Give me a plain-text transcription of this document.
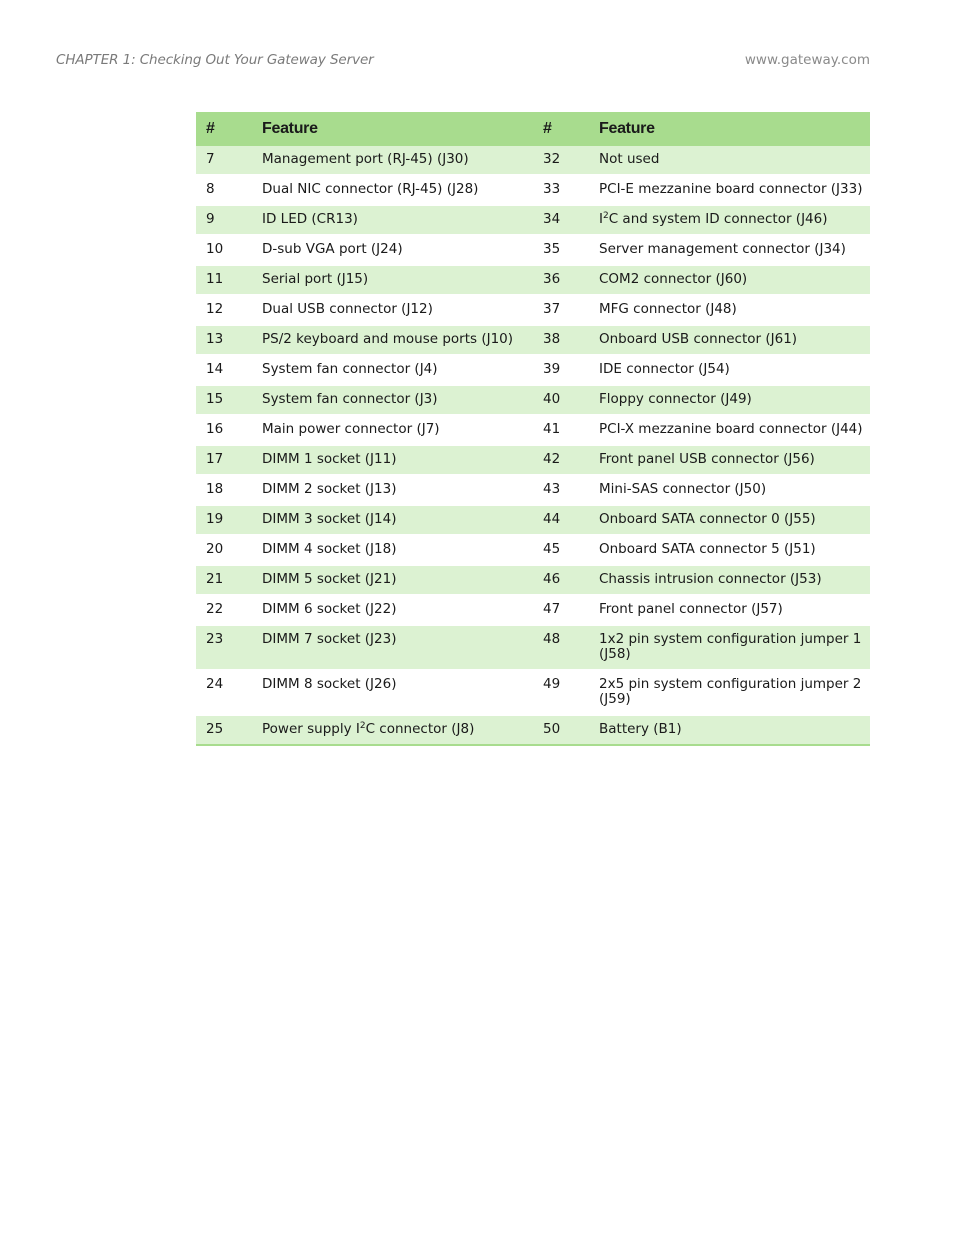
CHAPTER 1: Checking Out Your Gateway Server	www.gateway.com
#	Feature	#	Feature
7	Management port (RJ-45) (J30)	32	Not used
8	Dual NIC connector (RJ-45) (J28)	33	PCI-E mezzanine board connector (J33)
9	ID LED (CR13)	34	$I^2C$ and system ID connector (J46)
10	D-sub VGA port (J24)	35	Server management connector (J34)
11	Serial port (J15)	36	COM2 connector (J60)
12	Dual USB connector (J12)	37	MFG connector (J48)
13	PS/2 keyboard and mouse ports (J10)	38	Onboard USB connector (J61)
14	System fan connector (J4)	39	IDE connector (J54)
15	System fan connector (J3)	40	Floppy connector (J49)
16	Main power connector (J7)	41	PCI-X mezzanine board connector (J44)
17	DIMM 1 socket (J11)	42	Front panel USB connector (J56)
18	DIMM 2 socket (J13)	43	Mini-SAS connector (J50)
19	DIMM 3 socket (J14)	44	Onboard SATA connector 0 (J55)
20	DIMM 4 socket (J18)	45	Onboard SATA connector 5 (J51)
21	DIMM 5 socket (J21)	46	Chassis intrusion connector (J53)
22	DIMM 6 socket (J22)	47	Front panel connector (J57)
23	DIMM 7 socket (J23)	48	1x2 pin system configuration jumper 1 (J58)
24	DIMM 8 socket (J26)	49	2x5 pin system configuration jumper 2 (J59)
25	Power supply $I^2C$ connector (J8)	50	Battery (B1)
